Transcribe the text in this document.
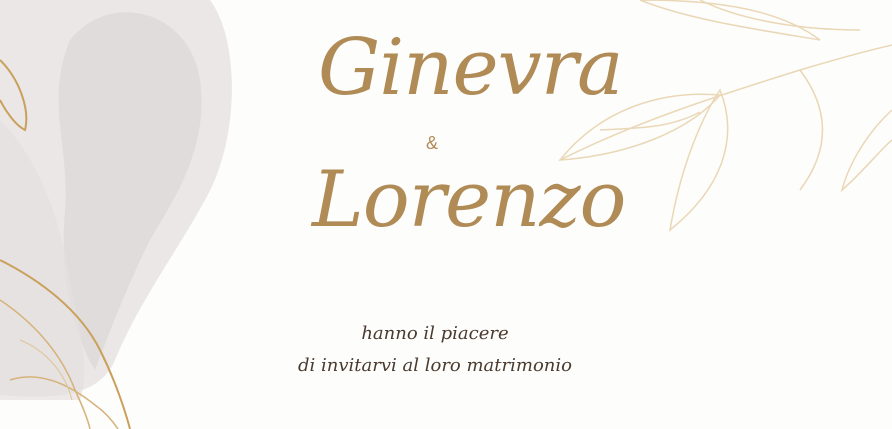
Ginevra
&
Lorenzo
hanno il piacere
di invitarvi al loro matrimonio
